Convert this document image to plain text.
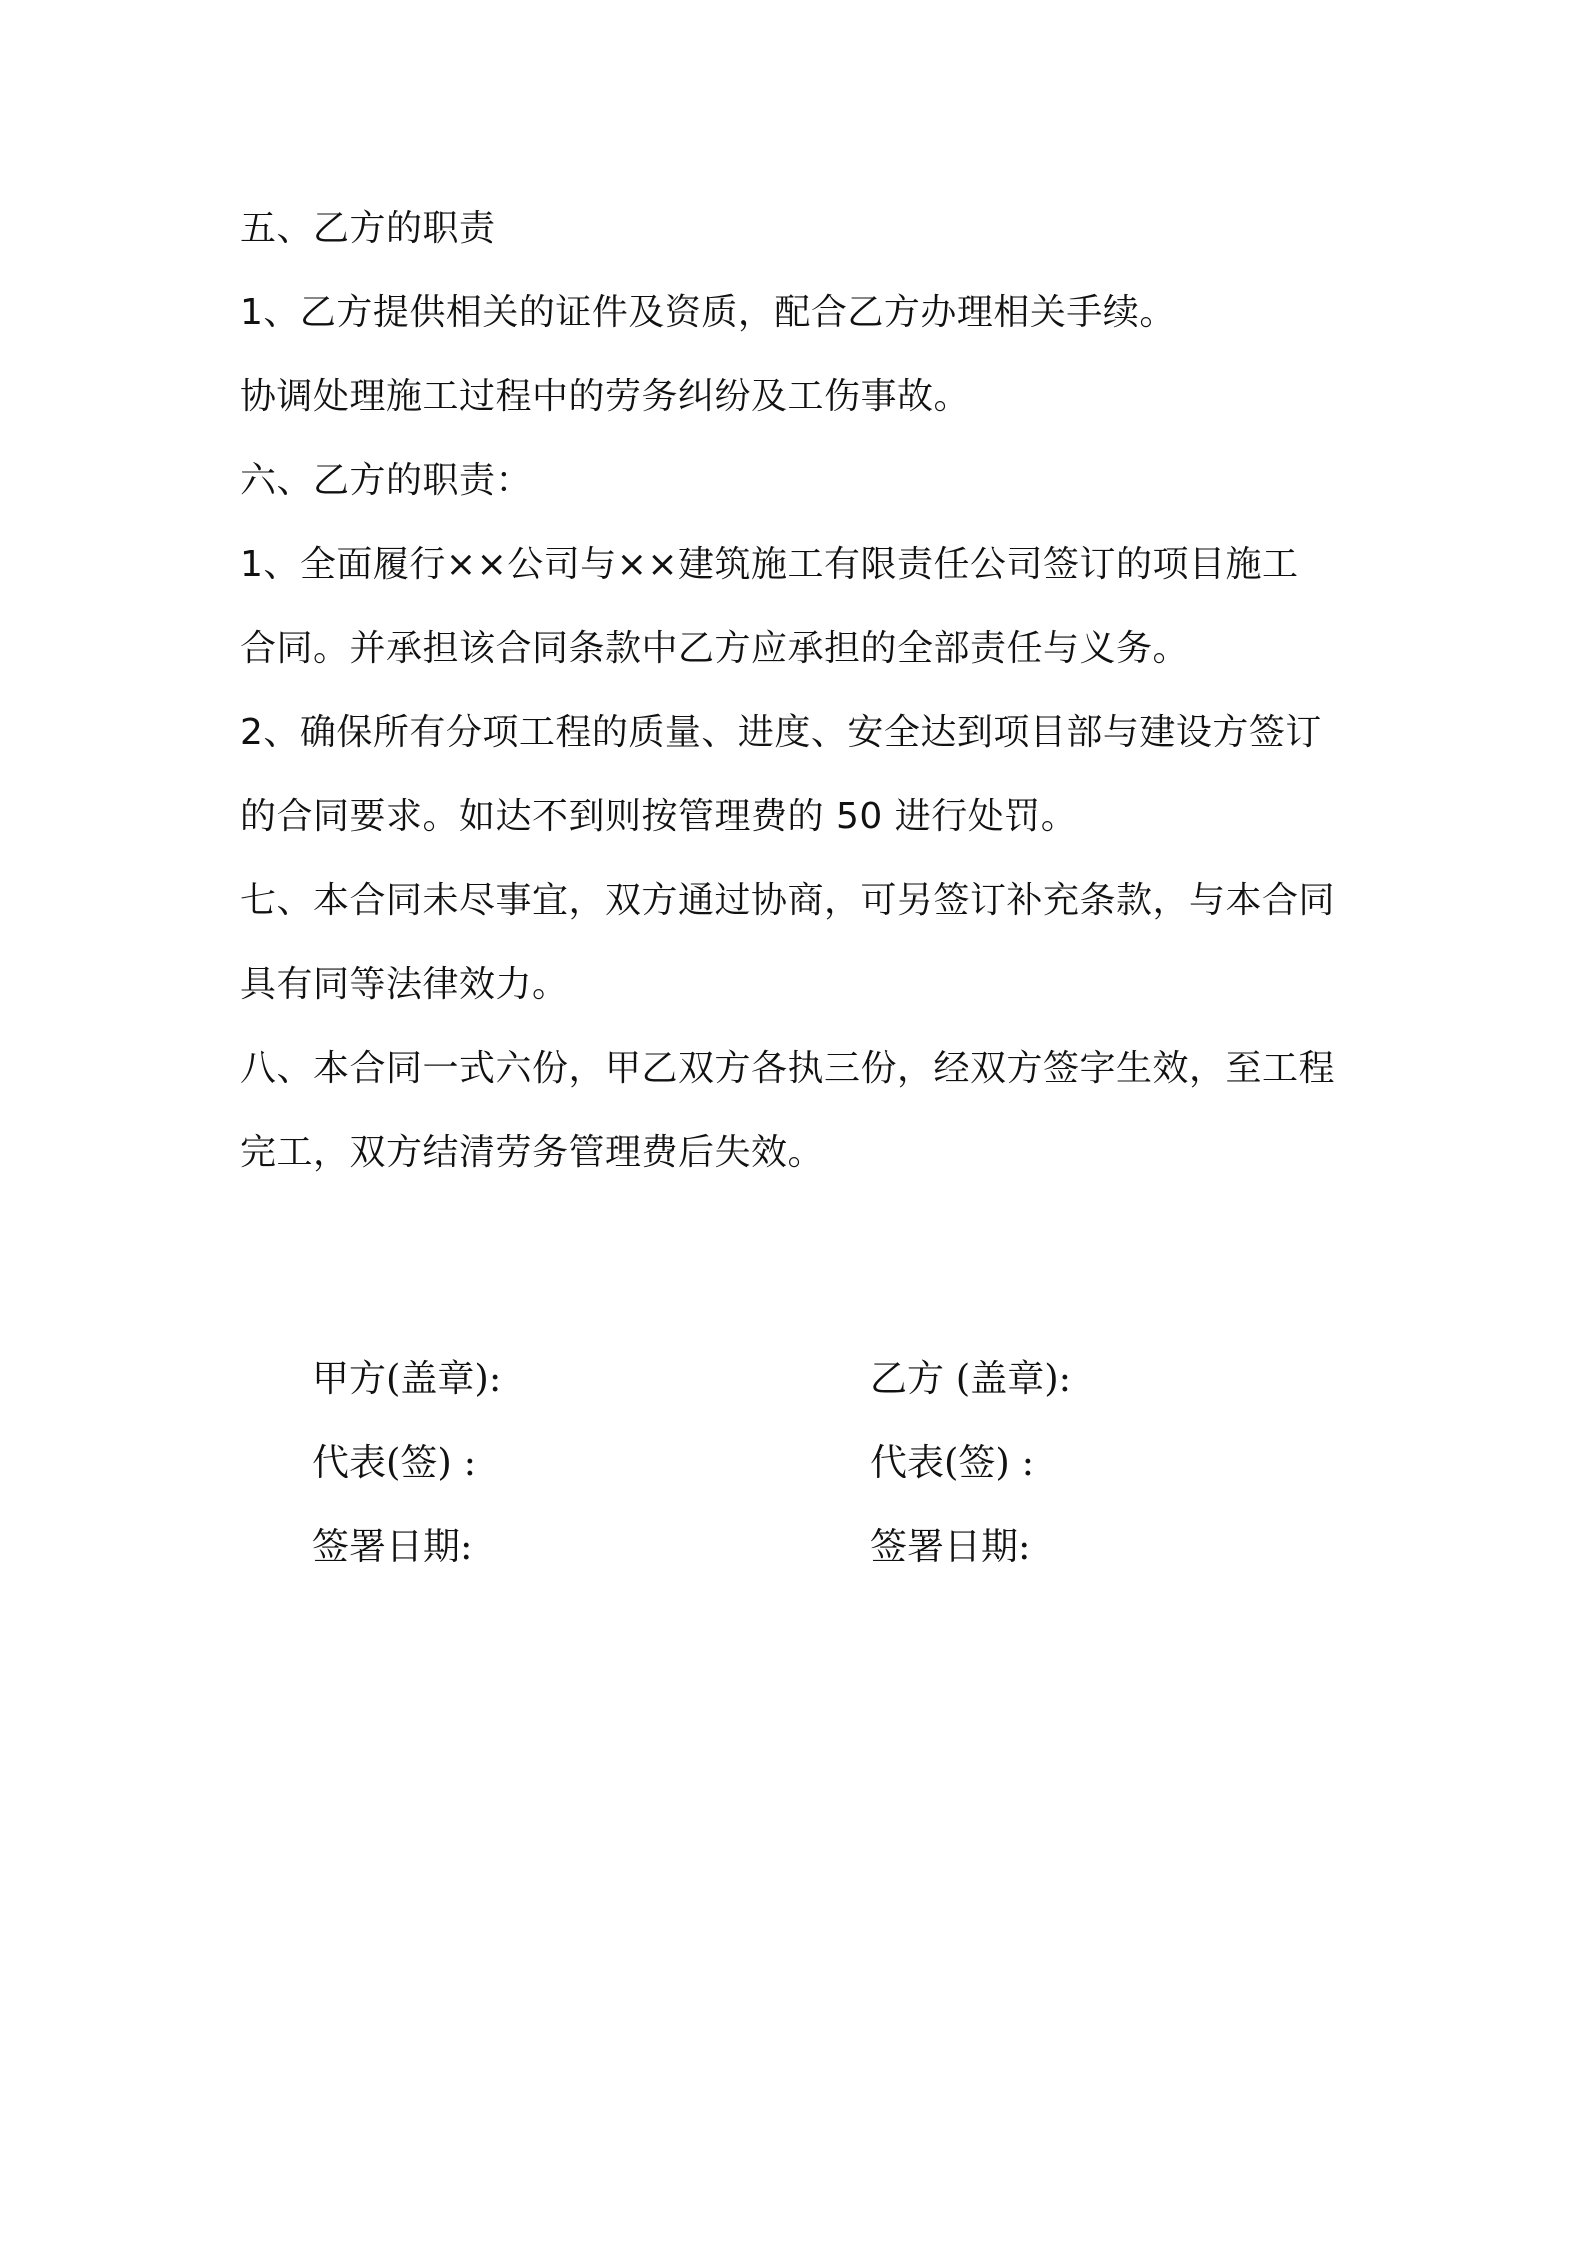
五、乙方的职责
1、乙方提供相关的证件及资质，配合乙方办理相关手续。
协调处理施工过程中的劳务纠纷及工伤事故。
六、乙方的职责：
1、全面履行××公司与××建筑施工有限责任公司签订的项目施工
合同。并承担该合同条款中乙方应承担的全部责任与义务。
2、确保所有分项工程的质量、进度、安全达到项目部与建设方签订
的合同要求。如达不到则按管理费的 50 进行处罚。
七、本合同未尽事宜，双方通过协商，可另签订补充条款，与本合同
具有同等法律效力。
八、本合同一式六份，甲乙双方各执三份，经双方签字生效，至工程
完工，双方结清劳务管理费后失效。
甲方(盖章):
代表(签) :
签署日期:
乙方 (盖章):
代表(签) :
签署日期:
